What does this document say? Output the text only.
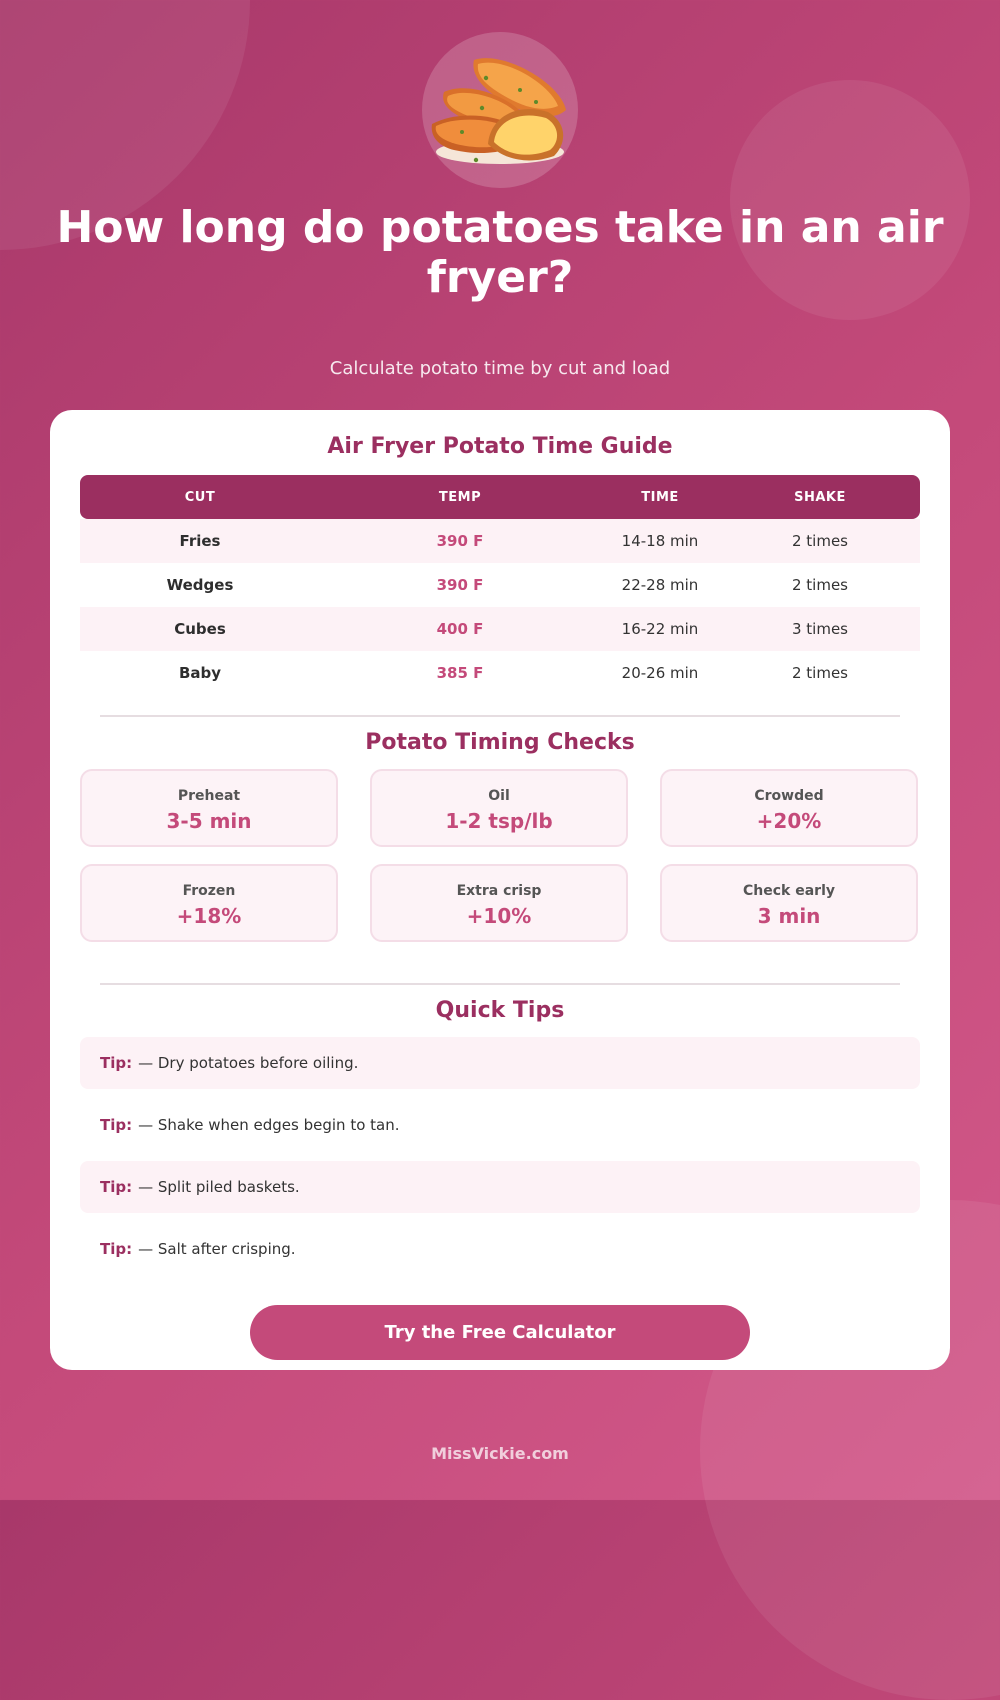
How long do potatoes take in an air fryer?
Calculate potato time by cut and load
Air Fryer Potato Time Guide
CUT	TEMP	TIME	SHAKE
Fries	390 F	14-18 min	2 times
Wedges	390 F	22-28 min	2 times
Cubes	400 F	16-22 min	3 times
Baby	385 F	20-26 min	2 times
Potato Timing Checks
Preheat
3-5 min
Oil
1-2 tsp/lb
Crowded
+20%
Frozen
+18%
Extra crisp
+10%
Check early
3 min
Quick Tips
Tip: — Dry potatoes before oiling.
Tip: — Shake when edges begin to tan.
Tip: — Split piled baskets.
Tip: — Salt after crisping.
Try the Free Calculator
MissVickie.com
